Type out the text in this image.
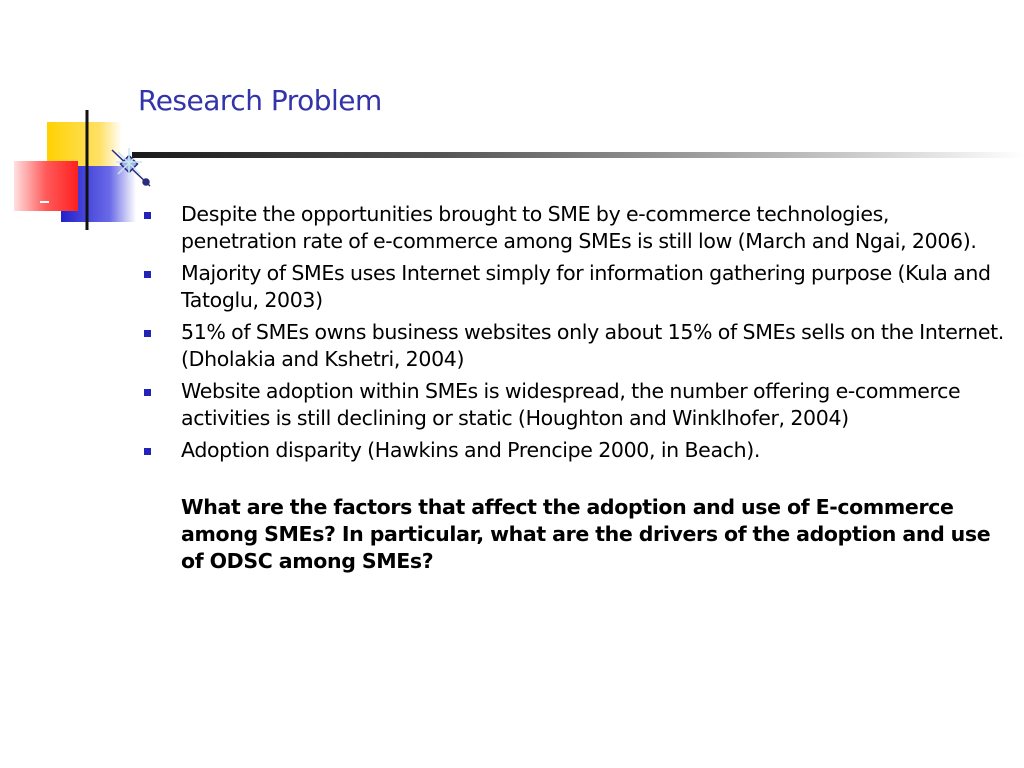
Research Problem
Despite the opportunities brought to SME by e-commerce technologies, penetration rate of e-commerce among SMEs is still low (March and Ngai, 2006).
Majority of SMEs uses Internet simply for information gathering purpose (Kula and Tatoglu, 2003)
51% of SMEs owns business websites only about 15% of SMEs sells on the Internet. (Dholakia and Kshetri, 2004)
Website adoption within SMEs is widespread, the number offering e-commerce activities is still declining or static (Houghton and Winklhofer, 2004)
Adoption disparity (Hawkins and Prencipe 2000, in Beach).
What are the factors that affect the adoption and use of E-commerce among SMEs? In particular, what are the drivers of the adoption and use of ODSC among SMEs?
